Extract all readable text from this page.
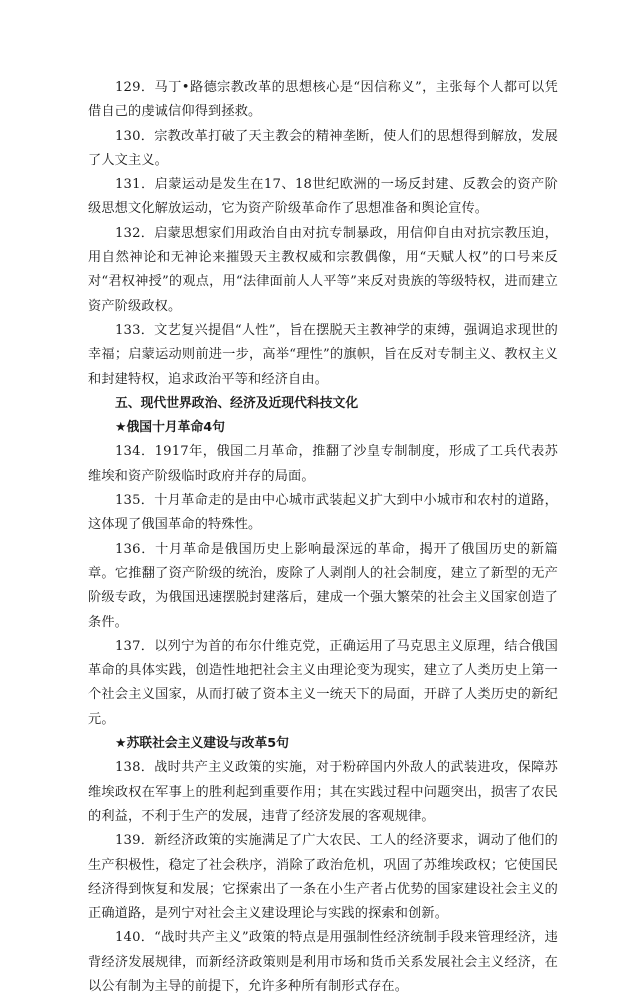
129．马丁•路德宗教改革的思想核心是“因信称义”，主张每个人都可以凭借自己的虔诚信仰得到拯救。

130．宗教改革打破了天主教会的精神垄断，使人们的思想得到解放，发展了人文主义。

131．启蒙运动是发生在17、18世纪欧洲的一场反封建、反教会的资产阶级思想文化解放运动，它为资产阶级革命作了思想准备和舆论宣传。

132．启蒙思想家们用政治自由对抗专制暴政，用信仰自由对抗宗教压迫，用自然神论和无神论来摧毁天主教权威和宗教偶像，用“天赋人权”的口号来反对“君权神授”的观点，用“法律面前人人平等”来反对贵族的等级特权，进而建立资产阶级政权。

133．文艺复兴提倡“人性”，旨在摆脱天主教神学的束缚，强调追求现世的幸福；启蒙运动则前进一步，高举“理性”的旗帜，旨在反对专制主义、教权主义和封建特权，追求政治平等和经济自由。

五、现代世界政治、经济及近现代科技文化

★俄国十月革命4句

134．1917年，俄国二月革命，推翻了沙皇专制制度，形成了工兵代表苏维埃和资产阶级临时政府并存的局面。

135．十月革命走的是由中心城市武装起义扩大到中小城市和农村的道路，这体现了俄国革命的特殊性。

136．十月革命是俄国历史上影响最深远的革命，揭开了俄国历史的新篇章。它推翻了资产阶级的统治，废除了人剥削人的社会制度，建立了新型的无产阶级专政，为俄国迅速摆脱封建落后，建成一个强大繁荣的社会主义国家创造了条件。

137．以列宁为首的布尔什维克党，正确运用了马克思主义原理，结合俄国革命的具体实践，创造性地把社会主义由理论变为现实，建立了人类历史上第一个社会主义国家，从而打破了资本主义一统天下的局面，开辟了人类历史的新纪元。

★苏联社会主义建设与改革5句

138．战时共产主义政策的实施，对于粉碎国内外敌人的武装进攻，保障苏维埃政权在军事上的胜利起到重要作用；其在实践过程中问题突出，损害了农民的利益，不利于生产的发展，违背了经济发展的客观规律。

139．新经济政策的实施满足了广大农民、工人的经济要求，调动了他们的生产积极性，稳定了社会秩序，消除了政治危机，巩固了苏维埃政权；它使国民经济得到恢复和发展；它探索出了一条在小生产者占优势的国家建设社会主义的正确道路，是列宁对社会主义建设理论与实践的探索和创新。

140．“战时共产主义”政策的特点是用强制性经济统制手段来管理经济，违背经济发展规律，而新经济政策则是利用市场和货币关系发展社会主义经济，在以公有制为主导的前提下，允许多种所有制形式存在。
